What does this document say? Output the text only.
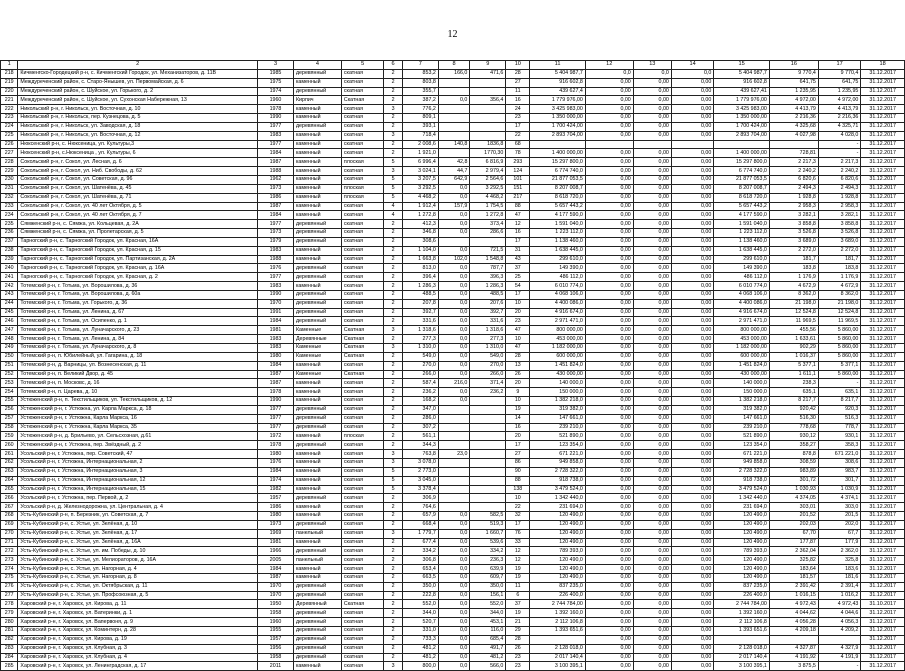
12
1	2	3	4	5	6	7	8	9	10	11	12	13	14	15	16	17	18
218	Кичменгско-Городецкий р-н, с. Кичменгский Городок, ул. Механизаторов, д. 11В	1985	деревянный	скатная	2	853,2	166,0	471,6	28	5 404 987,7	0,0	0,0	0,0	5 404 987,7	9 770,4	9 770,4	31.12.2017
219	Междуреченский район, с. Старо-Янышев, ул. Первомайская, д. 6	1975	каменный	скатная	2	803,8			27	916 602,8	0,00	0,00	0,00	916 602,8	641,75	641,75	31.12.2017
220	Междуреченский район, с. Шуйское, ул. Горького, д. 2	1974	деревянный	скатная	2	355,7			11	439 627,4	0,00	0,00	0,00	439 627,41	1 235,95	1 235,95	31.12.2017
221	Междуреченский район, с. Шуйское, ул. Сухонская Набережная, 13	1960	Кирпич	Скатная	2	387,2	0,0	356,4	16	1 779 976,00	0,00	0,00	0,00	1 779 976,00	4 972,00	4 972,00	31.12.2017
222	Никольский р-н, г. Никольск, ул. Восточная, д. 10	1978	каменный	скатная	3	776,2			24	3 425 983,00	0,00	0,00	0,00	3 425 983,00	4 413,79	4 413,79	31.12.2017
223	Никольский р-н, г. Никольск, пер. Кузнецова, д. 5	1990	каменный	скатная	2	809,1			23	1 350 000,00	0,00	0,00	0,00	1 350 000,00	2 216,36	2 216,36	31.12.2017
224	Никольский р-н, г. Никольск, ул. Заводская, д. 18	1977	деревянный	скатная	2	393,1			17	1 700 424,00	0,00	0,00	0,00	1 700 424,00	4 325,68	4 325,71	31.12.2017
225	Никольский р-н, г. Никольск, ул. Восточная, д. 12	1983	каменный	скатная	3	718,4			22	2 893 704,00	0,00	0,00	0,00	2 893 704,00	4 027,98	4 028,0	31.12.2017
226	Нюксенский р-н, с. Нюксеница, ул. Культуры,3	1977	каменный	скатная	2	2 008,6	140,8	1836,8	68							-	31.12.2017
227	Нюксенский р-н, с.Нюксеница , ул. Культуры, 6	1984	каменный	скатная	2	1 921,0		1770,30	78	1 400 000,00	0,00	0,00	0,00	1 400 000,00	728,81	-	31.12.2017
228	Сокольский р-н, г. Сокол, ул. Лесная, д. 6	1987	каменный	плоская	5	6 996,4	42,8	6 816,9	293	15 297 800,0	0,00	0,00	0,00	15 297 800,0	2 217,3	2 217,3	31.12.2017
229	Сокольский р-н, г. Сокол, ул. Ниб. Свободы, д. 62	1988	каменный	скатная	3	3 024,1	44,7	2 979,4	124	6 774 740,0	0,00	0,00	0,00	6 774 740,0	2 240,2	2 240,2	31.12.2017
230	Сокольский р-н, г. Сокол, ул. Советская, д. 96	1962	каменный	скатная	5	3 207,5	642,9	2 564,6	101	21 877 053,5	0,00	0,00	0,00	21 877 053,5	6 820,6	6 820,6	31.12.2017
231	Сокольский р-н, г. Сокол, ул. Шатенёва, д. 45	1973	каменный	плоская	5	3 292,5	0,0	3 292,5	151	8 207 008,7	0,00	0,00	0,00	8 207 008,7	2 494,3	2 494,3	31.12.2017
232	Сокольский р-н, г. Сокол, ул. Шатенёва, д. 71	1986	каменный	плоская	5	4 468,2	0,0	4 468,2	217	8 618 720,0	0,00	0,00	0,00	8 618 720,0	1 928,8	1 928,8	31.12.2017
233	Сокольский р-н, г. Сокол, ул. 40 лет Октября, д. 5	1987	каменный	скатная	4	1 912,4	157,9	1 754,5	88	5 657 443,2	0,00	0,00	0,00	5 657 443,2	2 958,3	2 958,3	31.12.2017
234	Сокольский р-н, г. Сокол, ул. 40 лет Октября, д. 7	1984	каменный	скатная	4	1 272,8	0,0	1 272,8	47	4 177 590,0	0,00	0,00	0,00	4 177 590,0	3 282,1	3 282,1	31.12.2017
235	Сямженский р-н, с. Сямжа, ул. Кольцевая, д. 2А	1977	деревянный	скатная	2	412,3	0,0	373,4	12	1 591 040,0	0,00	0,00	0,00	1 591 040,0	3 858,8	3 858,8	31.12.2017
236	Сямженский р-н, с. Сямжа, ул. Пролетарская, д. 5	1973	деревянный	скатная	2	346,8	0,0	286,6	16	1 223 112,0	0,00	0,00	0,00	1 223 112,0	3 526,8	3 526,8	31.12.2017
237	Тарногский р-н, с. Тарногский Городок, ул. Красная, 16А	1979	деревянный	скатная	2	308,6			17	1 138 460,0	0,00	0,00	0,00	1 138 460,0	3 689,0	3 689,0	31.12.2017
238	Тарногский р-н, с. Тарногский Городок, ул. Красная, д. 15	1983	каменный	скатная	2	1 104,0	0,0	721,5	31	1 638 445,0	0,00	0,00	0,00	1 638 445,0	2 272,0	2 272,0	31.12.2017
239	Тарногский р-н, с. Тарногский Городок, ул. Партизанская, д. 2А	1988	каменный	скатная	2	1 663,8	102,0	1 548,8	43	299 610,0	0,00	0,00	0,00	299 610,0	181,7	181,7	31.12.2017
240	Тарногский р-н, с. Тарногский Городок, ул. Красная, д. 16А	1976	деревянный	скатная	2	813,0	0,0	787,7	37	149 390,0	0,00	0,00	0,00	149 390,0	183,8	183,8	31.12.2017
241	Тарногский р-н, с. Тарногский Городок, ул. Красная, д. 2	1977	деревянный	скатная	2	396,4	0,0	396,3	25	486 112,0	0,00	0,00	0,00	486 112,0	1 176,9	1 176,9	31.12.2017
242	Тотемский р-н, г. Тотьма, ул. Ворошилова, д. 36	1983	каменный	скатная	2	1 286,3	0,0	1 286,3	54	6 010 774,0	0,00	0,00	0,00	6 010 774,0	4 672,9	4 672,9	31.12.2017
243	Тотемский р-н, г. Тотьма, ул. Ворошилова, д. 60а	1990	деревянный	скатная	2	488,5	0,0	488,5	17	4 068 106,0	0,00	0,00	0,00	4 068 106,0	8 362,0	8 362,0	31.12.2017
244	Тотемский р-н, г. Тотьма, ул. Горького, д. 36	1970	деревянный	скатная	2	207,8	0,0	207,6	10	4 400 086,0	0,00	0,00	0,00	4 400 086,0	21 198,0	21 198,0	31.12.2017
245	Тотемский р-н, г. Тотьма, ул. Ленина, д. 67	1991	деревянный	скатная	2	392,7	0,0	392,7	20	4 916 674,0	0,00	0,00	0,00	4 916 674,0	12 524,8	12 524,8	31.12.2017
246	Тотемский р-н, г. Тотьма, ул. Осипенко, д. 1	1984	деревянный	скатная	2	331,6	0,0	331,6	23	2 971 471,0	0,00	0,00	0,00	2 971 471,0	11 969,5	11 969,5	31.12.2017
247	Тотемский р-н, г. Тотьма, ул. Луначарского, д. 23	1981	Каменные	Скатная	3	1 318,6	0,0	1 318,6	47	800 000,00	0,00	0,00	0,00	800 000,00	455,56	5 860,00	31.12.2017
248	Тотемский р-н, г. Тотьма, ул. Ленина, д. 84	1983	Деревянные	Скатная	2	277,3	0,0	277,3	10	453 000,00	0,00	0,00	0,00	453 000,00	1 633,61	5 860,00	31.12.2017
249	Тотемский р-н, г. Тотьма, ул. Луначарского, д. 8	1983	Каменные	Скатная	3	1 310,0	0,0	1 310,0	47	1 182 000,00	0,00	0,00	0,00	1 182 000,00	902,29	5 860,00	31.12.2017
250	Тотемский р-н, п. Юбилейный, ул. Гагарина, д. 18	1980	Каменные	Скатная	2	549,0	0,0	549,0	28	600 000,00	0,00	0,00	0,00	600 000,00	1 016,37	5 860,00	31.12.2017
251	Тотемский р-н, д. Варницы, ул. Вознесенская, д. 11	1984	каменный	скатная	2	270,0	0,0	270,0	13	1 451 824,0	0,00	0,00	0,00	1 451 824,0	5 377,1	5 377,1	31.12.2017
252	Тотемский р-н, п. Великий Двор, д. 45	1987	Каменные	Скатная	2	266,0	0,0	266,0	26	430 000,00	0,00	0,00	0,00	430 000,00	1 611,1	5 860,00	31.12.2017
253	Тотемский р-н, п. Московс, д. 16	1987	каменный	скатная	2	587,4	216,0	371,4	20	140 000,0	0,00	0,00	0,00	140 000,0	238,3	-	31.12.2017
254	Тотемский р-н, п. Царева, д. 10	1978	каменный	скатная	2	236,2	0,0	236,2	9	150 000,0	0,00	0,00	0,00	150 000,0	635,1	635,1	31.12.2017
255	Устюженский р-н, п. Текстильщиков, ул. Текстильщиков, д. 12	1990	каменный	скатная	2	168,2	0,0		10	1 382 218,0	0,00	0,00	0,00	1 382 218,0	8 217,7	8 217,7	31.12.2017
256	Устюженский р-н, г. Устюжна, ул. Карла Маркса, д. 18	1977	деревянный	скатная	2	347,0			19	319 382,0	0,00	0,00	0,00	319 382,0	920,42	920,3	31.12.2017
257	Устюженский р-н, г. Устюжна, Карла Маркса, 16	1977	деревянный	скатная	2	286,0			14	147 661,0	0,00	0,00	0,00	147 661,0	516,30	516,3	31.12.2017
258	Устюженский р-н, г. Устюжна, Карла Маркса, 35	1977	деревянный	скатная	2	307,2			16	239 210,0	0,00	0,00	0,00	239 210,0	778,68	778,7	31.12.2017
259	Устюженский р-н, д. Брильево, ул. Сельсхозная, д.61	1972	каменный	плоская	2	561,1			20	521 890,0	0,00	0,00	0,00	521 890,0	930,12	930,1	31.12.2017
260	Устюженский р-н, г. Устюжна, пер. Звёздный, д. 2	1978	деревянный	скатная	2	344,3			17	123 354,0	0,00	0,00	0,00	123 354,0	358,27	358,3	31.12.2017
261	Усольский р-н, г. Устюжна, пер. Советский, 47	1980	каменный	скатная	3	763,8	23,0		27	671 221,0	0,00	0,00	0,00	671 221,0	878,8	671 221,0	31.12.2017
262	Усольский р-н, г. Устюжна, Интернациональная, 2	1976	каменный	скатная	3	3 078,0			86	949 858,0	0,00	0,00	0,00	949 858,0	308,59	308,6	31.12.2017
263	Усольский р-н, г. Устюжна, Интернациональная, 3	1984	каменный	скатная	5	2 773,0			90	2 728 322,0	0,00	0,00	0,00	2 728 322,0	983,89	983,7	31.12.2017
264	Усольский р-н, г. Устюжна, Интернациональная, 12	1974	каменный	скатная	5	3 045,0			88	918 738,0	0,00	0,00	0,00	918 738,0	301,72	301,7	31.12.2017
265	Усольский р-н, г. Устюжна, Интернациональная, 15	1982	каменный	скатная	5	3 378,4			138	3 479 524,0	0,00	0,00	0,00	3 479 524,0	1 030,93	1 030,9	31.12.2017
266	Усольский р-н, г. Устюжна, пер. Первой, д. 2	1957	деревянный	скатная	2	306,9			10	1 342 440,0	0,00	0,00	0,00	1 342 440,0	4 374,05	4 374,1	31.12.2017
267	Усольский р-н, д. Железнодорожна, ул. Центральная, д. 4	1986	каменный	скатная	2	764,6			22	231 694,0	0,00	0,00	0,00	231 694,0	303,01	303,0	31.12.2017
268	Усть-Кубинский р-н, п. Березник, ул. Советская, д. 7	1980	каменный	скатная	2	657,9	0,0	582,5	32	120 490,0	0,00	0,00	0,00	120 490,0	201,52	201,5	31.12.2017
269	Усть-Кубинский р-н, с. Устье, ул. Зелёная, д. 10	1973	деревянный	скатная	2	668,4	0,0	519,3	17	120 490,0	0,00	0,00	0,00	120 490,0	202,03	202,0	31.12.2017
270	Усть-Кубинский р-н, с. Устье, ул. Зелёная, д. 17	1969	панельный	скатная	3	1 779,7	0,0	1 660,7	76	120 490,0	0,00	0,00	0,00	120 490,0	67,70	67,7	31.12.2017
271	Усть-Кубинский р-н, с. Устье, ул. Зелёная, д. 16А	1981	каменный	скатная	2	677,4	0,0	539,6	33	120 490,0	0,00	0,00	0,00	120 490,0	177,87	177,9	31.12.2017
272	Усть-Кубинский р-н, с. Устье, ул. им. Победы, д. 10	1966	деревянный	скатная	2	334,2	0,0	334,2	12	789 393,0	0,00	0,00	0,00	789 393,0	2 362,04	2 362,0	31.12.2017
273	Усть-Кубинский р-н, с. Устье, ул. Мелиораторов, д. 16А	2005	панельный	скатная	2	306,8	0,0	236,3	12	120 490,0	0,00	0,00	0,00	120 490,0	325,82	325,8	31.12.2017
274	Усть-Кубинский р-н, с. Устье, ул. Нагорная, д. 4	1984	каменный	скатная	2	653,4	0,0	639,9	19	120 490,0	0,00	0,00	0,00	120 490,0	183,64	183,6	31.12.2017
275	Усть-Кубинский р-н, с. Устье, ул. Нагорная, д. 8	1987	каменный	скатная	2	663,5	0,0	609,7	19	120 490,0	0,00	0,00	0,00	120 490,0	181,57	181,6	31.12.2017
276	Усть-Кубинский р-н, с. Устье, ул. Октябрьская, д. 11	1970	деревянный	скатная	2	350,0	0,0	350,0	11	837 235,0	0,00	0,00	0,00	837 235,0	2 391,42	2 391,4	31.12.2017
277	Усть-Кубинский р-н, с. Устье, ул. Профсоюзная, д. 5	1970	деревянный	скатная	2	222,8	0,0	156,1	6	226 400,0	0,00	0,00	0,00	226 400,0	1 016,15	1 016,2	31.12.2017
278	Харовский р-н, г. Харовск, ул. Кирова, д. 11	1950	Деревянный	Скатная	2	552,0	0,0	552,0	37	2 744 784,00	0,00	0,00	0,00	2 744 784,00	4 972,43	4 972,43	31.10.2017
279	Харовский р-н, г. Харовск, ул. Ватеринки, д. 1	1958	деревянный	скатная	2	344,0	0,0	344,0	19	1 392 160,0	0,00	0,00	0,00	1 392 160,0	4 044,62	4 044,6	31.12.2017
280	Харовский р-н, г. Харовск, ул. Вапервоня, д. 9	1960	деревянный	скатная	2	520,7	0,0	453,1	21	2 112 106,8	0,00	0,00	0,00	2 112 106,8	4 056,28	4 056,3	31.12.2017
281	Харовский р-н, г. Харовск, ул. Коминтерн, д. 28	1955	деревянный	скатная	2	331,0	0,0	116,0	29	1 393 651,6	0,00	0,00	0,00	1 393 651,6	4 209,18	4 209,2	31.12.2017
282	Харовский р-н, г. Харовск, ул. Кирова, д. 19	1957	деревянный	скатная	2	733,3	0,0	685,4	28		0,00	0,00	0,00				31.12.2017
283	Харовский р-н, г. Харовск, ул. Клубная, д. 3	1956	деревянный	скатная	2	481,2	0,0	491,7	26	2 128 018,0	0,00	0,00	0,00	2 128 018,0	4 327,87	4 327,9	31.12.2017
284	Харовский р-н, г. Харовск, ул. Клубная, д. 4	1958	деревянный	скатная	2	481,2	0,0	481,2	23	2 017 140,4	0,00	0,00	0,00	2 017 140,4	4 191,92	4 191,9	31.12.2017
285	Харовский р-н, г. Харовск, ул. Ленинградская, д. 17	2011	каменный	скатная	3	800,0	0,0	566,0	23	3 100 395,1	0,00	0,00	0,00	3 100 395,1	3 875,5	-	31.12.2017
